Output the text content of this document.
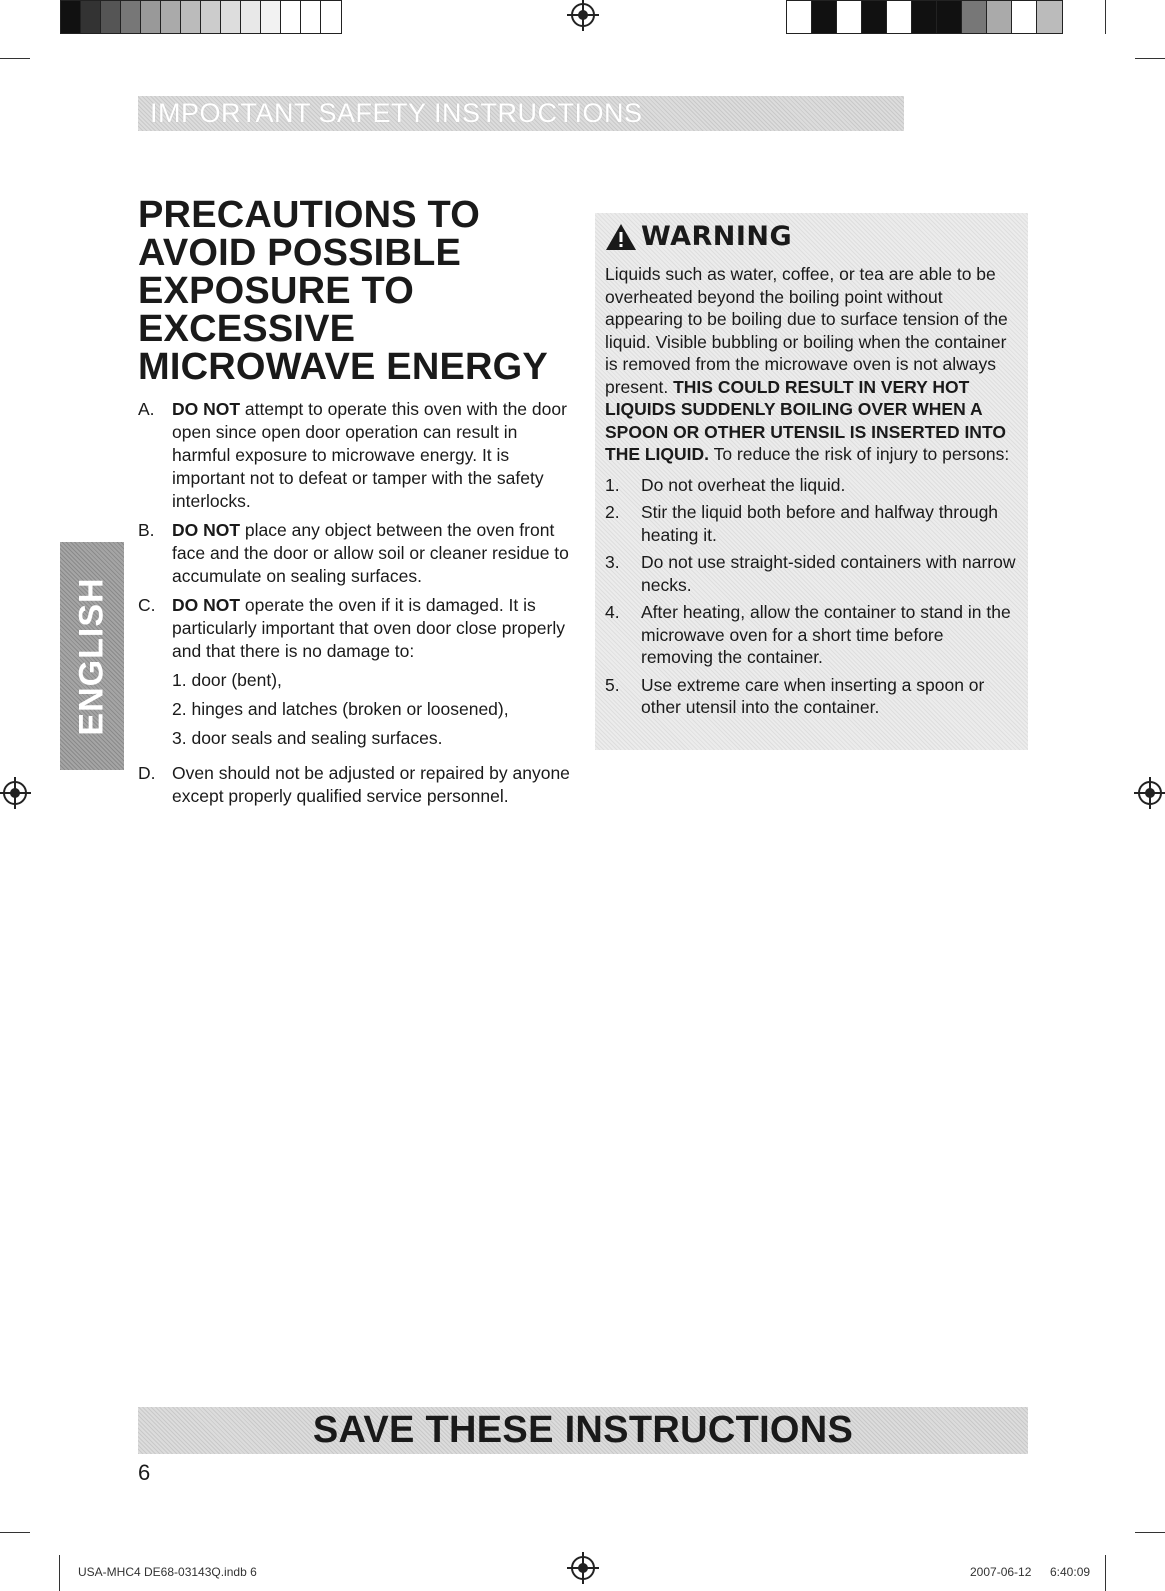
IMPORTANT SAFETY INSTRUCTIONS
ENGLISH
PRECAUTIONS TO AVOID POSSIBLE EXPOSURE TO EXCESSIVE MICROWAVE ENERGY
A. DO NOT attempt to operate this oven with the door open since open door operation can result in harmful exposure to microwave energy. It is important not to defeat or tamper with the safety interlocks.
B. DO NOT place any object between the oven front face and the door or allow soil or cleaner residue to accumulate on sealing surfaces.
C. DO NOT operate the oven if it is damaged. It is particularly important that oven door close properly and that there is no damage to:
1. door (bent),
2. hinges and latches (broken or loosened),
3. door seals and sealing surfaces.
D. Oven should not be adjusted or repaired by anyone except properly qualified service personnel.
WARNING
Liquids such as water, coffee, or tea are able to be overheated beyond the boiling point without appearing to be boiling due to surface tension of the liquid. Visible bubbling or boiling when the container is removed from the microwave oven is not always present. THIS COULD RESULT IN VERY HOT LIQUIDS SUDDENLY BOILING OVER WHEN A SPOON OR OTHER UTENSIL IS INSERTED INTO THE LIQUID. To reduce the risk of injury to persons:
1.	Do not overheat the liquid.
2.	Stir the liquid both before and halfway through heating it.
3.	Do not use straight-sided containers with narrow necks.
4.	After heating, allow the container to stand in the microwave oven for a short time before removing the container.
5.	Use extreme care when inserting a spoon or other utensil into the container.
SAVE THESE INSTRUCTIONS
6
USA-MHC4 DE68-03143Q.indb 6	2007-06-12 6:40:09
